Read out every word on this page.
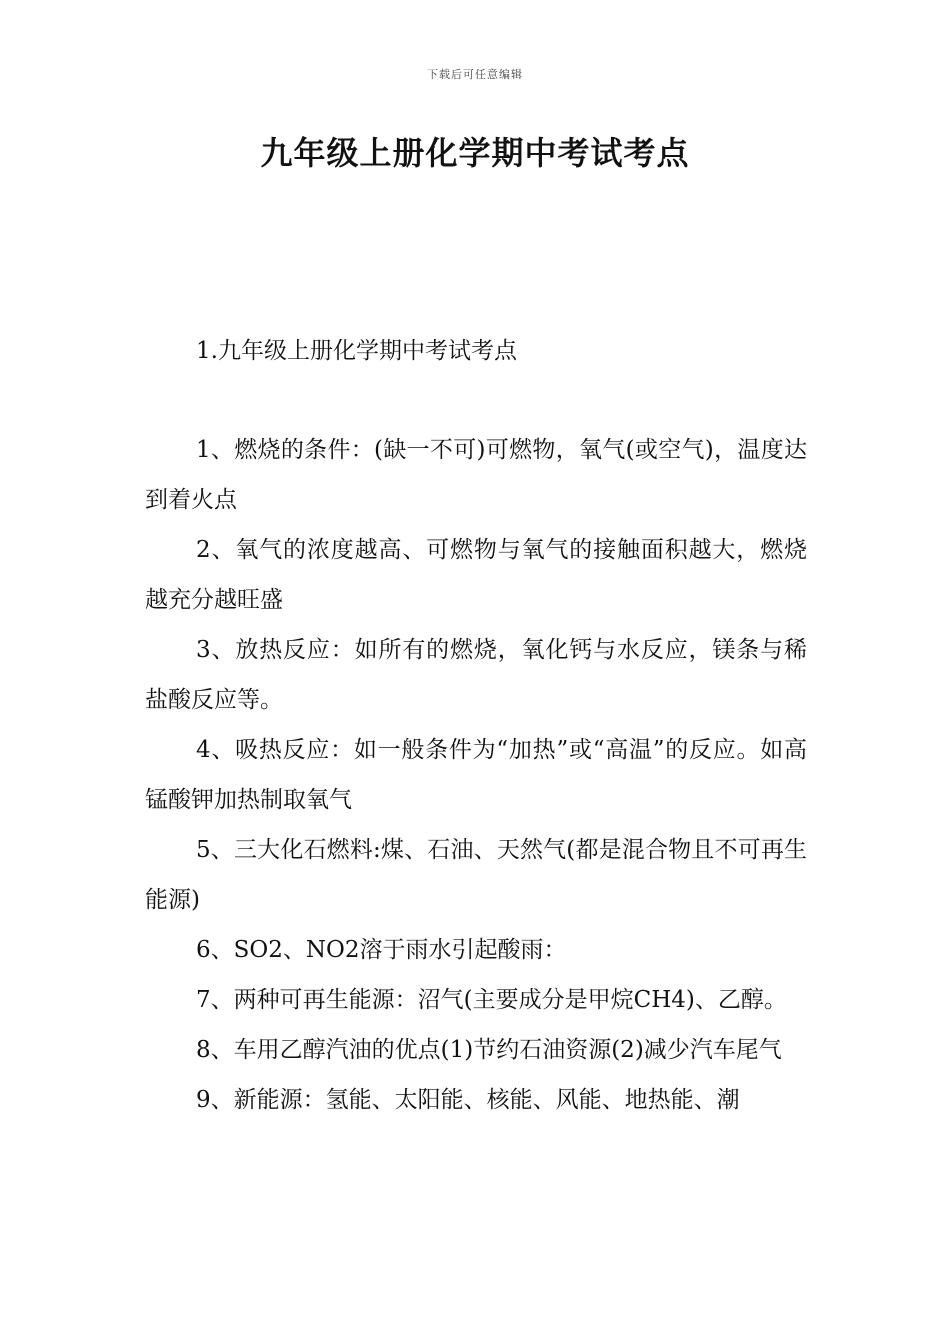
下载后可任意编辑
九年级上册化学期中考试考点
1.九年级上册化学期中考试考点

1、燃烧的条件：(缺一不可)可燃物，氧气(或空气)，温度达到着火点

2、氧气的浓度越高、可燃物与氧气的接触面积越大，燃烧越充分越旺盛

3、放热反应：如所有的燃烧，氧化钙与水反应，镁条与稀盐酸反应等。

4、吸热反应：如一般条件为“加热”或“高温”的反应。如高锰酸钾加热制取氧气

5、三大化石燃料:煤、石油、天然气(都是混合物且不可再生能源)

6、SO2、NO2溶于雨水引起酸雨：

7、两种可再生能源：沼气(主要成分是甲烷CH4)、乙醇。

8、车用乙醇汽油的优点(1)节约石油资源(2)减少汽车尾气

9、新能源：氢能、太阳能、核能、风能、地热能、潮
